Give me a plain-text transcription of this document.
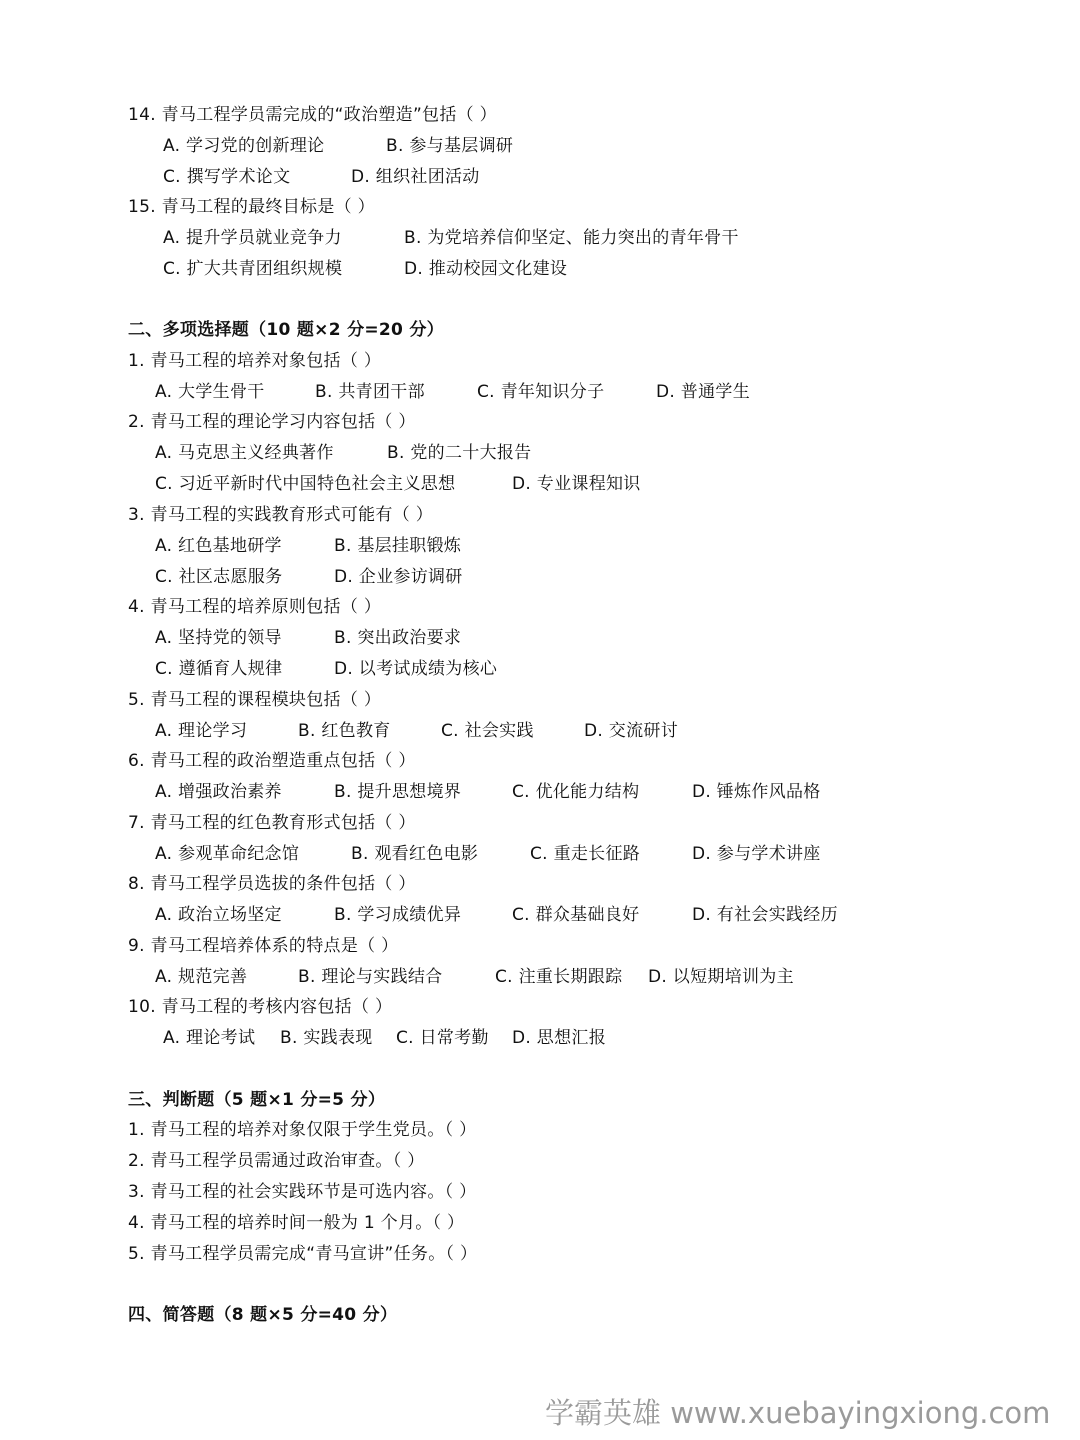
14. 青马工程学员需完成的“政治塑造”包括（ ）
A. 学习党的创新理论	B. 参与基层调研
C. 撰写学术论文	D. 组织社团活动
15. 青马工程的最终目标是（ ）
A. 提升学员就业竞争力	B. 为党培养信仰坚定、能力突出的青年骨干
C. 扩大共青团组织规模	D. 推动校园文化建设
二、多项选择题（10 题×2 分=20 分）
1. 青马工程的培养对象包括（ ）
A. 大学生骨干	B. 共青团干部	C. 青年知识分子	D. 普通学生
2. 青马工程的理论学习内容包括（ ）
A. 马克思主义经典著作	B. 党的二十大报告
C. 习近平新时代中国特色社会主义思想	D. 专业课程知识
3. 青马工程的实践教育形式可能有（ ）
A. 红色基地研学	B. 基层挂职锻炼
C. 社区志愿服务	D. 企业参访调研
4. 青马工程的培养原则包括（ ）
A. 坚持党的领导	B. 突出政治要求
C. 遵循育人规律	D. 以考试成绩为核心
5. 青马工程的课程模块包括（ ）
A. 理论学习	B. 红色教育	C. 社会实践	D. 交流研讨
6. 青马工程的政治塑造重点包括（ ）
A. 增强政治素养	B. 提升思想境界	C. 优化能力结构	D. 锤炼作风品格
7. 青马工程的红色教育形式包括（ ）
A. 参观革命纪念馆	B. 观看红色电影	C. 重走长征路	D. 参与学术讲座
8. 青马工程学员选拔的条件包括（ ）
A. 政治立场坚定	B. 学习成绩优异	C. 群众基础良好	D. 有社会实践经历
9. 青马工程培养体系的特点是（ ）
A. 规范完善	B. 理论与实践结合	C. 注重长期跟踪 D. 以短期培训为主
10. 青马工程的考核内容包括（ ）
A. 理论考试 B. 实践表现 C. 日常考勤 D. 思想汇报
三、判断题（5 题×1 分=5 分）
1. 青马工程的培养对象仅限于学生党员。（ ）
2. 青马工程学员需通过政治审查。（ ）
3. 青马工程的社会实践环节是可选内容。（ ）
4. 青马工程的培养时间一般为 1 个月。（ ）
5. 青马工程学员需完成“青马宣讲”任务。（ ）
四、简答题（8 题×5 分=40 分）
学霸英雄 www.xuebayingxiong.com
